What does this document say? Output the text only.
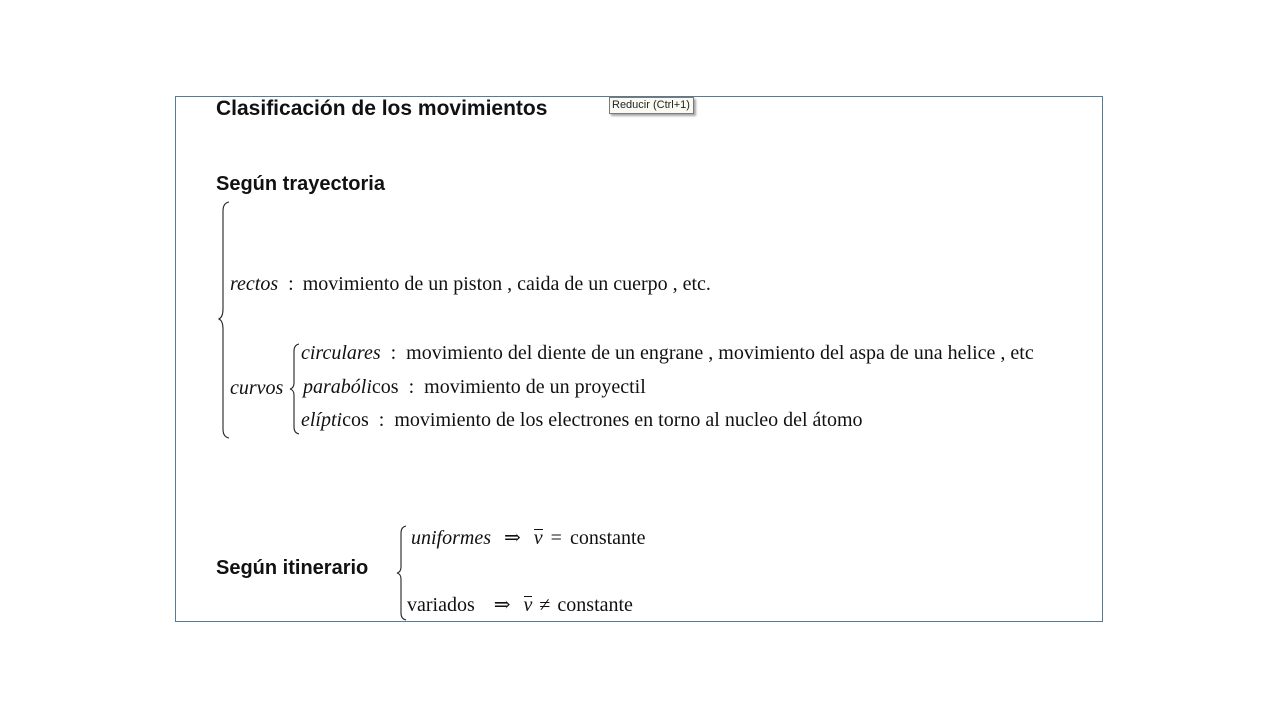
Clasificación de los movimientos	Reducir (Ctrl+1)
Según trayectoria
rectos : movimiento de un piston , caida de un cuerpo , etc.
curvos
circulares : movimiento del diente de un engrane , movimiento del aspa de una helice , etc
parabólicos : movimiento de un proyectil
elípticos : movimiento de los electrones en torno al nucleo del átomo
Según itinerario
uniformes ⇒ v = constante
variados ⇒ v ≠ constante
